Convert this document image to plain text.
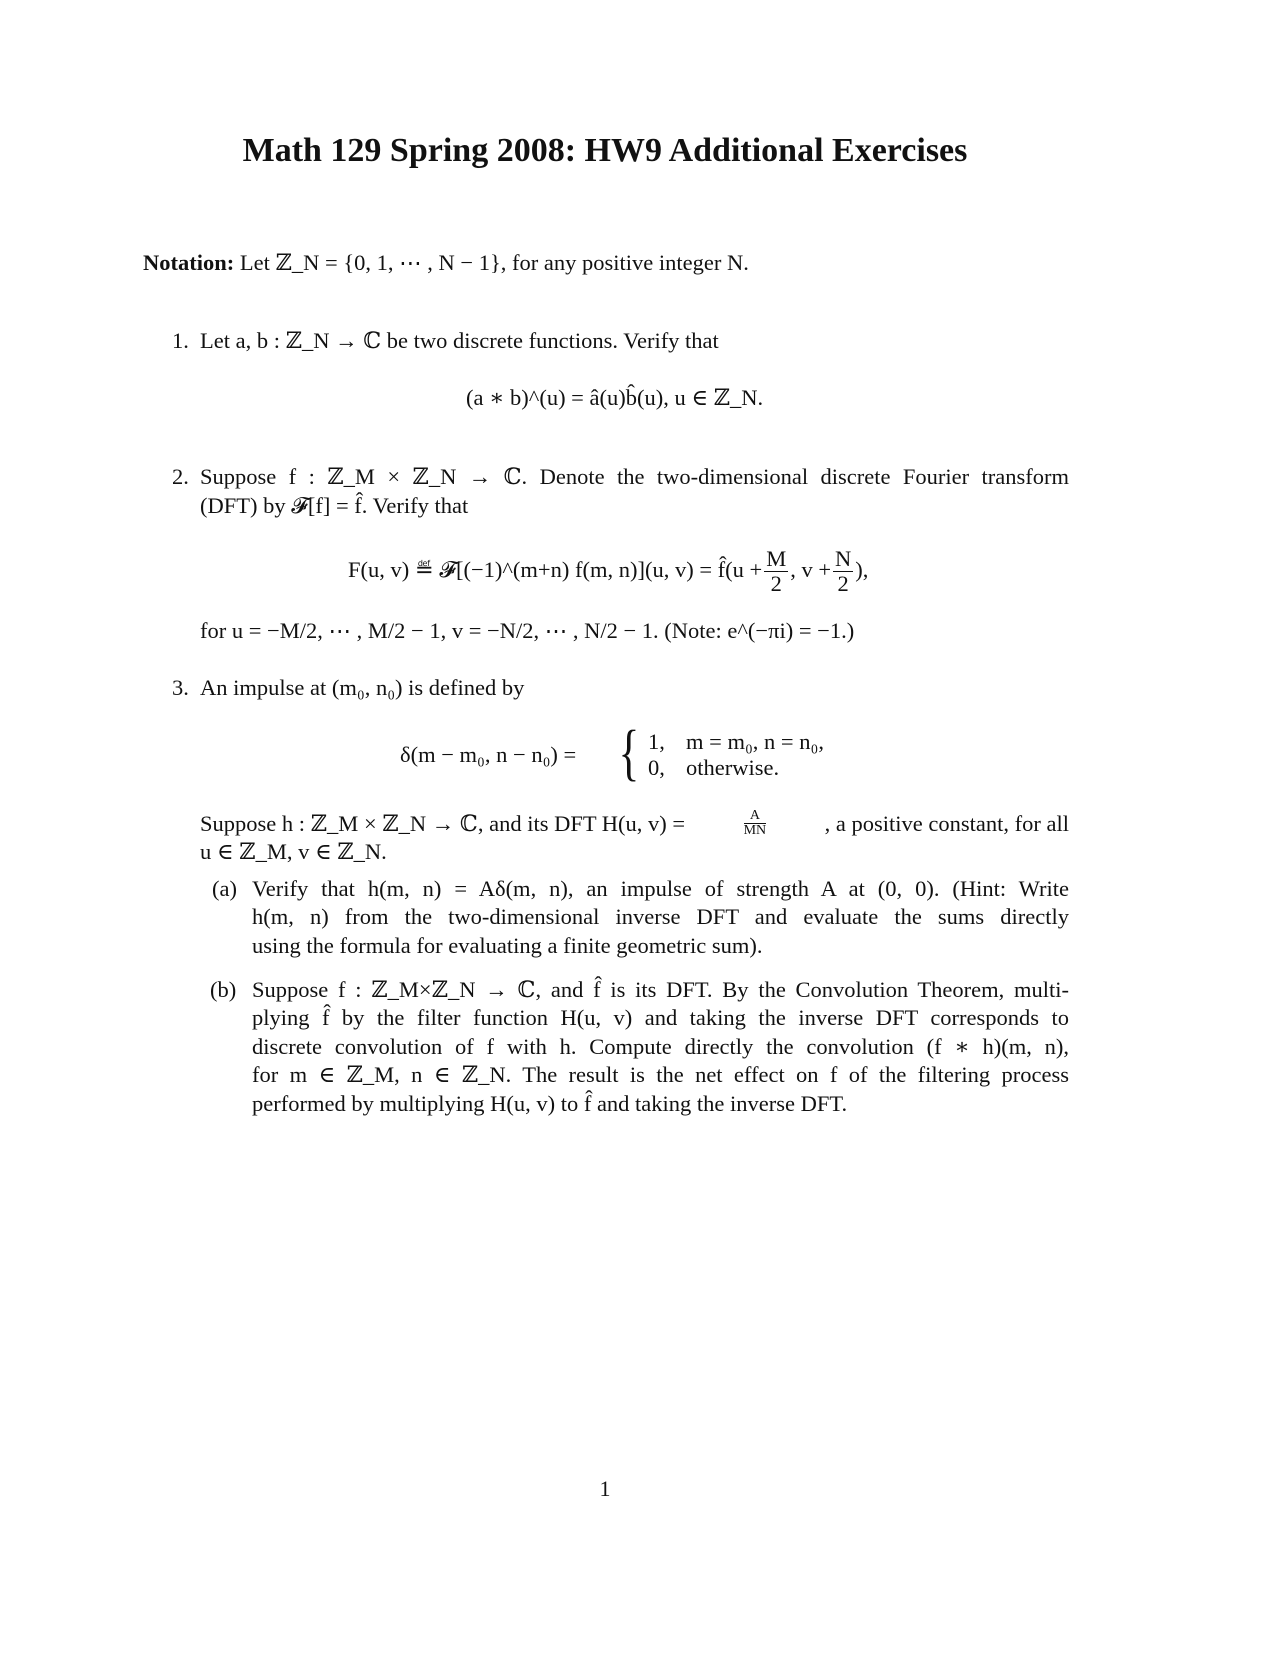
Math 129 Spring 2008: HW9 Additional Exercises
Notation: Let ℤ_N = {0, 1, ⋯ , N − 1}, for any positive integer N.
1. Let a, b : ℤ_N → ℂ be two discrete functions. Verify that
(a ∗ b)^(u) = â(u)b̂(u), u ∈ ℤ_N.
2. Suppose f : ℤ_M × ℤ_N → ℂ. Denote the two-dimensional discrete Fourier transform
(DFT) by 𝓕[f] = f̂. Verify that
F(u, v) ≝ 𝓕[(−1)^(m+n) f(m, n)](u, v) = f̂(u + $\frac{M}{2}$ , $v + \frac{N}{2}$ ),
for u = −M/2, ⋯ , M/2 − 1, v = −N/2, ⋯ , N/2 − 1. (Note: e^(−πi) = −1.)
3. An impulse at (m₀, n₀) is defined by
δ(m − m₀, n − n₀) = { 1, m = m₀, n = n₀,
0, otherwise.
Suppose h : ℤ_M × ℤ_N → ℂ, and its DFT H(u, v) =	$\frac{A}{MN}$	, a positive constant, for all
u ∈ ℤ_M, v ∈ ℤ_N.
(a) Verify that h(m, n) = Aδ(m, n), an impulse of strength A at (0, 0). (Hint: Write
h(m, n) from the two-dimensional inverse DFT and evaluate the sums directly
using the formula for evaluating a finite geometric sum).
(b) Suppose f : ℤ_M×ℤ_N → ℂ, and f̂ is its DFT. By the Convolution Theorem, multi-
plying f̂ by the filter function H(u, v) and taking the inverse DFT corresponds to
discrete convolution of f with h. Compute directly the convolution (f ∗ h)(m, n),
for m ∈ ℤ_M, n ∈ ℤ_N. The result is the net effect on f of the filtering process
performed by multiplying H(u, v) to f̂ and taking the inverse DFT.
1
